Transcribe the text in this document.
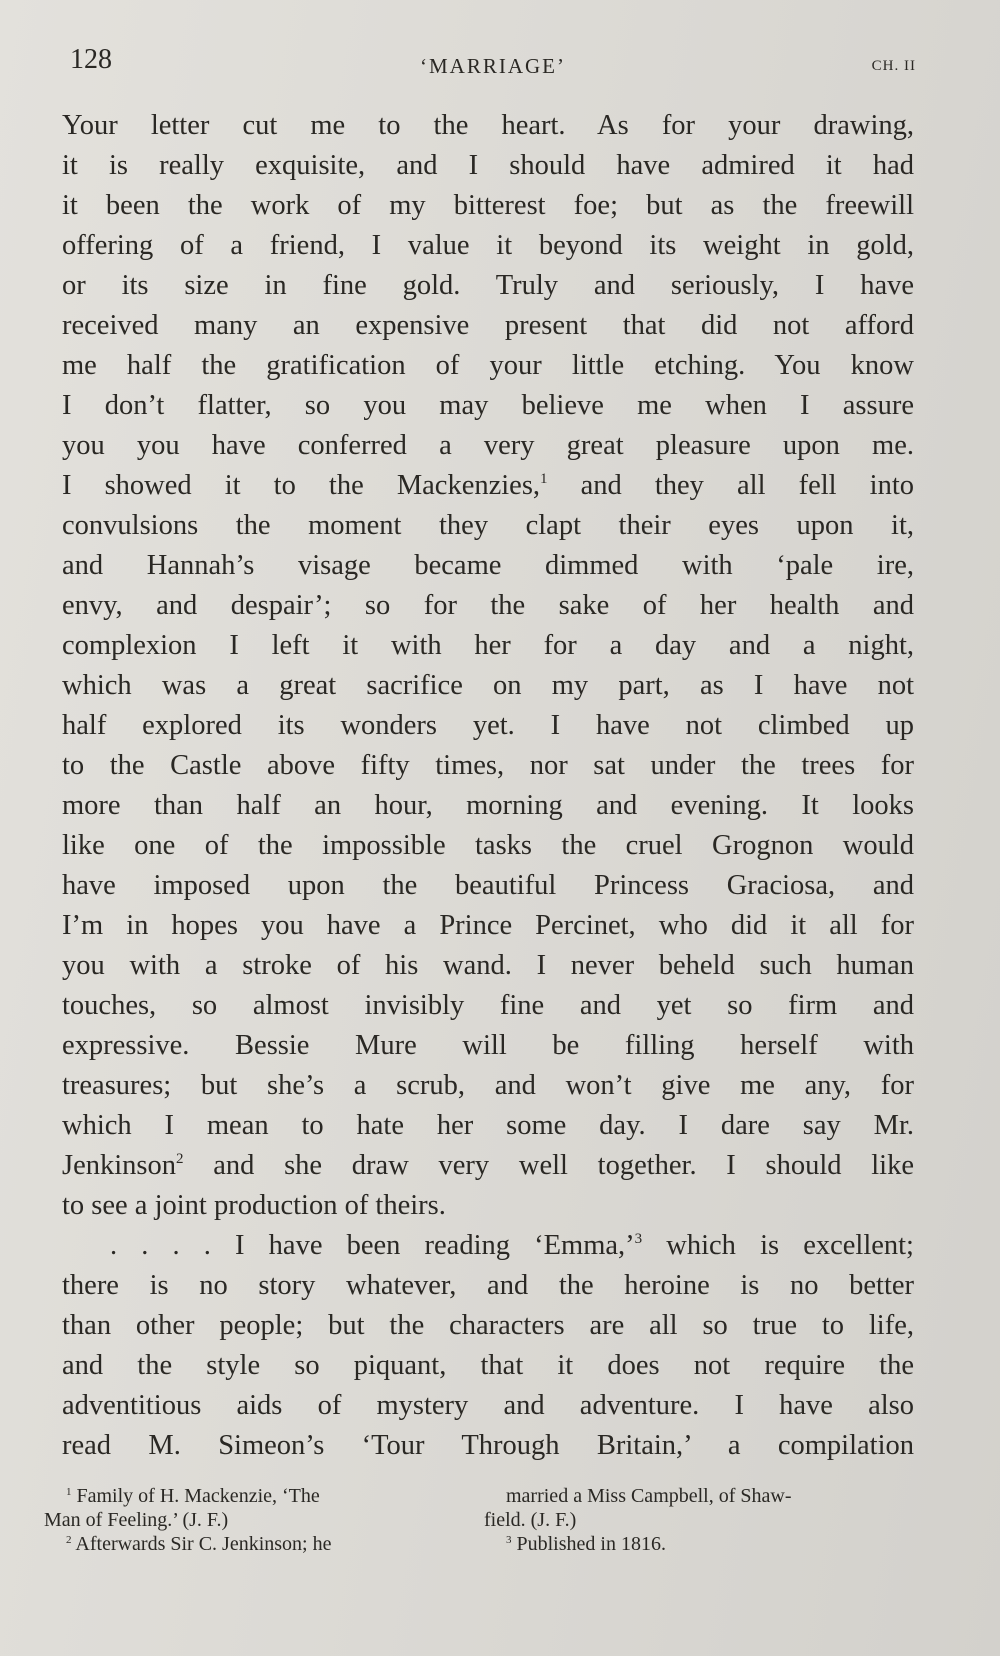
128	‘MARRIAGE’	CH. II
Your letter cut me to the heart. As for your drawing,
it is really exquisite, and I should have admired it had
it been the work of my bitterest foe; but as the freewill
offering of a friend, I value it beyond its weight in gold,
or its size in fine gold. Truly and seriously, I have
received many an expensive present that did not afford
me half the gratification of your little etching. You know
I don’t flatter, so you may believe me when I assure
you you have conferred a very great pleasure upon me.
I showed it to the Mackenzies,$^1$ and they all fell into
convulsions the moment they clapt their eyes upon it,
and Hannah’s visage became dimmed with ‘pale ire,
envy, and despair’; so for the sake of her health and
complexion I left it with her for a day and a night,
which was a great sacrifice on my part, as I have not
half explored its wonders yet. I have not climbed up
to the Castle above fifty times, nor sat under the trees for
more than half an hour, morning and evening. It looks
like one of the impossible tasks the cruel Grognon would
have imposed upon the beautiful Princess Graciosa, and
I’m in hopes you have a Prince Percinet, who did it all for
you with a stroke of his wand. I never beheld such human
touches, so almost invisibly fine and yet so firm and
expressive. Bessie Mure will be filling herself with
treasures; but she’s a scrub, and won’t give me any, for
which I mean to hate her some day. I dare say Mr.
Jenkinson$^2$ and she draw very well together. I should like
to see a joint production of theirs.
. . . . I have been reading ‘Emma,’$^3$ which is excellent;
there is no story whatever, and the heroine is no better
than other people; but the characters are all so true to life,
and the style so piquant, that it does not require the
adventitious aids of mystery and adventure. I have also
read M. Simeon’s ‘Tour Through Britain,’ a compilation
$^1$ Family of H. Mackenzie, ‘The
Man of Feeling.’ (J. F.)
$^2$ Afterwards Sir C. Jenkinson; he
married a Miss Campbell, of Shaw-
field. (J. F.)
$^3$ Published in 1816.
